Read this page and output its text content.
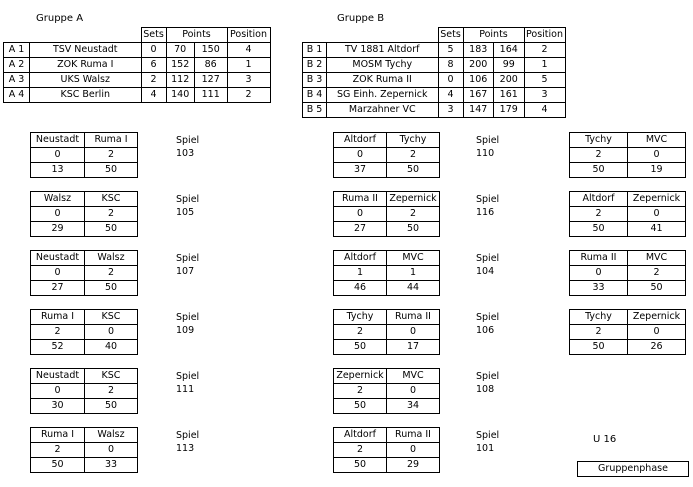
Gruppe A	Gruppe B
		Sets	Points		Position
A 1	TSV Neustadt	0	70	150	4
A 2	ZOK Ruma I	6	152	86	1
A 3	UKS Walsz	2	112	127	3
A 4	KSC Berlin	4	140	111	2
		Sets	Points		Position
B 1	TV 1881 Altdorf	5	183	164	2
B 2	MOSM Tychy	8	200	99	1
B 3	ZOK Ruma II	0	106	200	5
B 4	SG Einh. Zepernick	4	167	161	3
B 5	Marzahner VC	3	147	179	4
Neustadt	Ruma I
0	2
13	50
Spiel
103
Walsz	KSC
0	2
29	50
Spiel
105
Neustadt	Walsz
0	2
27	50
Spiel
107
Ruma I	KSC
2	0
52	40
Spiel
109
Neustadt	KSC
0	2
30	50
Spiel
111
Ruma I	Walsz
2	0
50	33
Spiel
113
Altdorf	Tychy
0	2
37	50
Spiel
110
Ruma II	Zepernick
0	2
27	50
Spiel
116
Altdorf	MVC
1	1
46	44
Spiel
104
Tychy	Ruma II
2	0
50	17
Spiel
106
Zepernick	MVC
2	0
50	34
Spiel
108
Altdorf	Ruma II
2	0
50	29
Spiel
101
Tychy	MVC
2	0
50	19
Altdorf	Zepernick
2	0
50	41
Ruma II	MVC
0	2
33	50
Tychy	Zepernick
2	0
50	26
U 16
Gruppenphase
